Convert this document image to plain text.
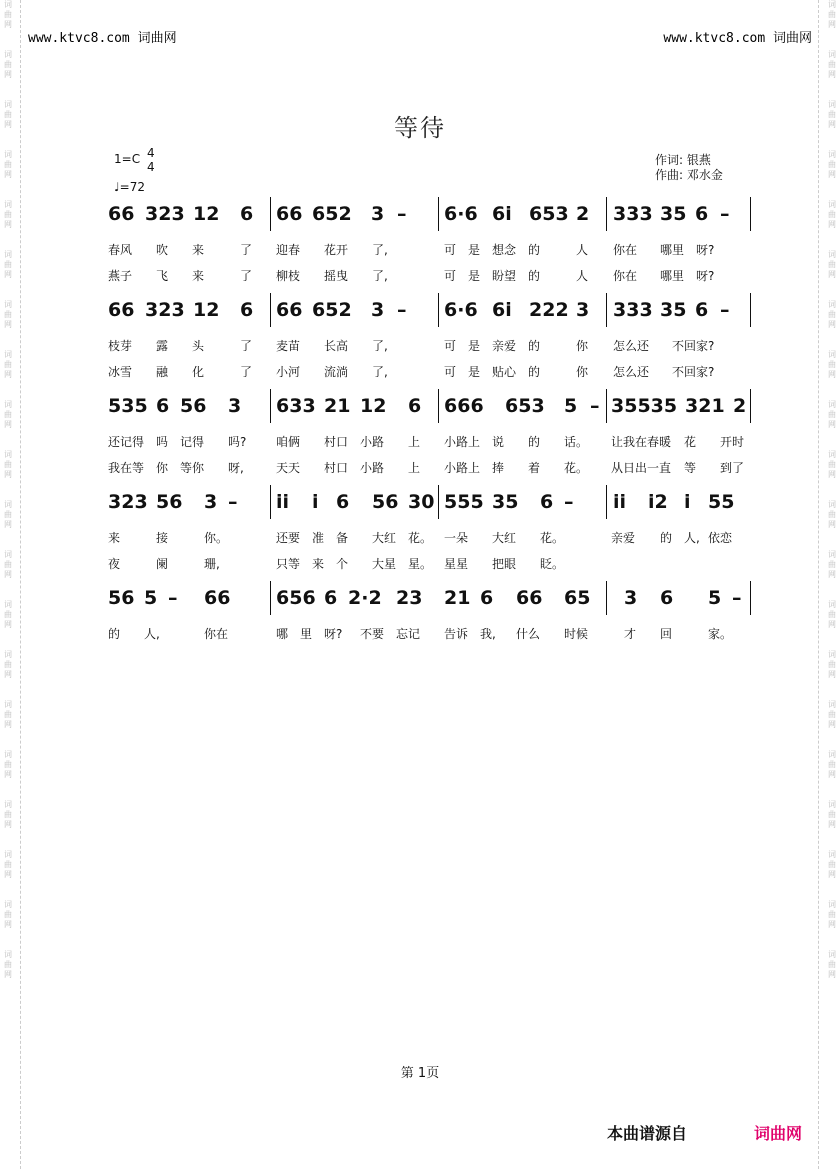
词
曲
网

词
曲
网

词
曲
网

词
曲
网

词
曲
网

词
曲
网

词
曲
网

词
曲
网

词
曲
网

词
曲
网

词
曲
网

词
曲
网

词
曲
网

词
曲
网

词
曲
网

词
曲
网

词
曲
网

词
曲
网

词
曲
网

词
曲
网

词
曲
网

词
曲
网

词
曲
网

词
曲
网

词
曲
网

词
曲
网

词
曲
网

词
曲
网

词
曲
网

词
曲
网

词
曲
网

词
曲
网

词
曲
网

词
曲
网

词
曲
网

词
曲
网

词
曲
网

词
曲
网

词
曲
网

词
曲
网

www.ktvc8.com 词曲网	www.ktvc8.com 词曲网
等待
1=C 4
4
♩=72
作词: 银燕
作曲: 邓水金
66 323 12 6 66 652 3 – 6·6 6i 653 2 333 35 6 –
春风 吹 来	了 迎春 花开 了,	可 是 想念 的	人 你在 哪里 呀?
燕子 飞 来	了 柳枝 摇曳 了,	可 是 盼望 的	人 你在 哪里 呀?
66 323 12 6 66 652 3 – 6·6 6i 222 3 333 35 6 –
枝芽 露 头	了 麦苗 长高 了,	可 是 亲爱 的	你 怎么还 不回 家?
冰雪 融 化	了 小河 流淌 了,	可 是 贴心 的	你 怎么还 不回 家?
535 6 56 3 633 21 12 6 666 653 5 – 35535 321 2
还记得 吗 记得 吗? 咱俩 村口 小路 上 小路上 说 的 话。 让我在春暖 花 开 时
我在等 你 等你 呀,	天天 村口 小路 上 小路上 捧 着 花。 从日出一直 等 到 了
323 56 3 – ii i 6 56 30 555 35 6 – ii i2 i 55
来	接	你。	还要 准 备 大红 花。 一朵 大红 花。	亲爱 的 人, 依恋
夜	阑	珊,	只等 来 个 大星 星。 星星 把眼 眨。
56 5 – 66 656 6 2·2 23 21 6 66 65 3 6 5 –
的 人,	你在	哪 里 呀? 不要 忘记 告诉 我, 什么 时候	才 回	家。
第 1页
本曲谱源自	词曲网
